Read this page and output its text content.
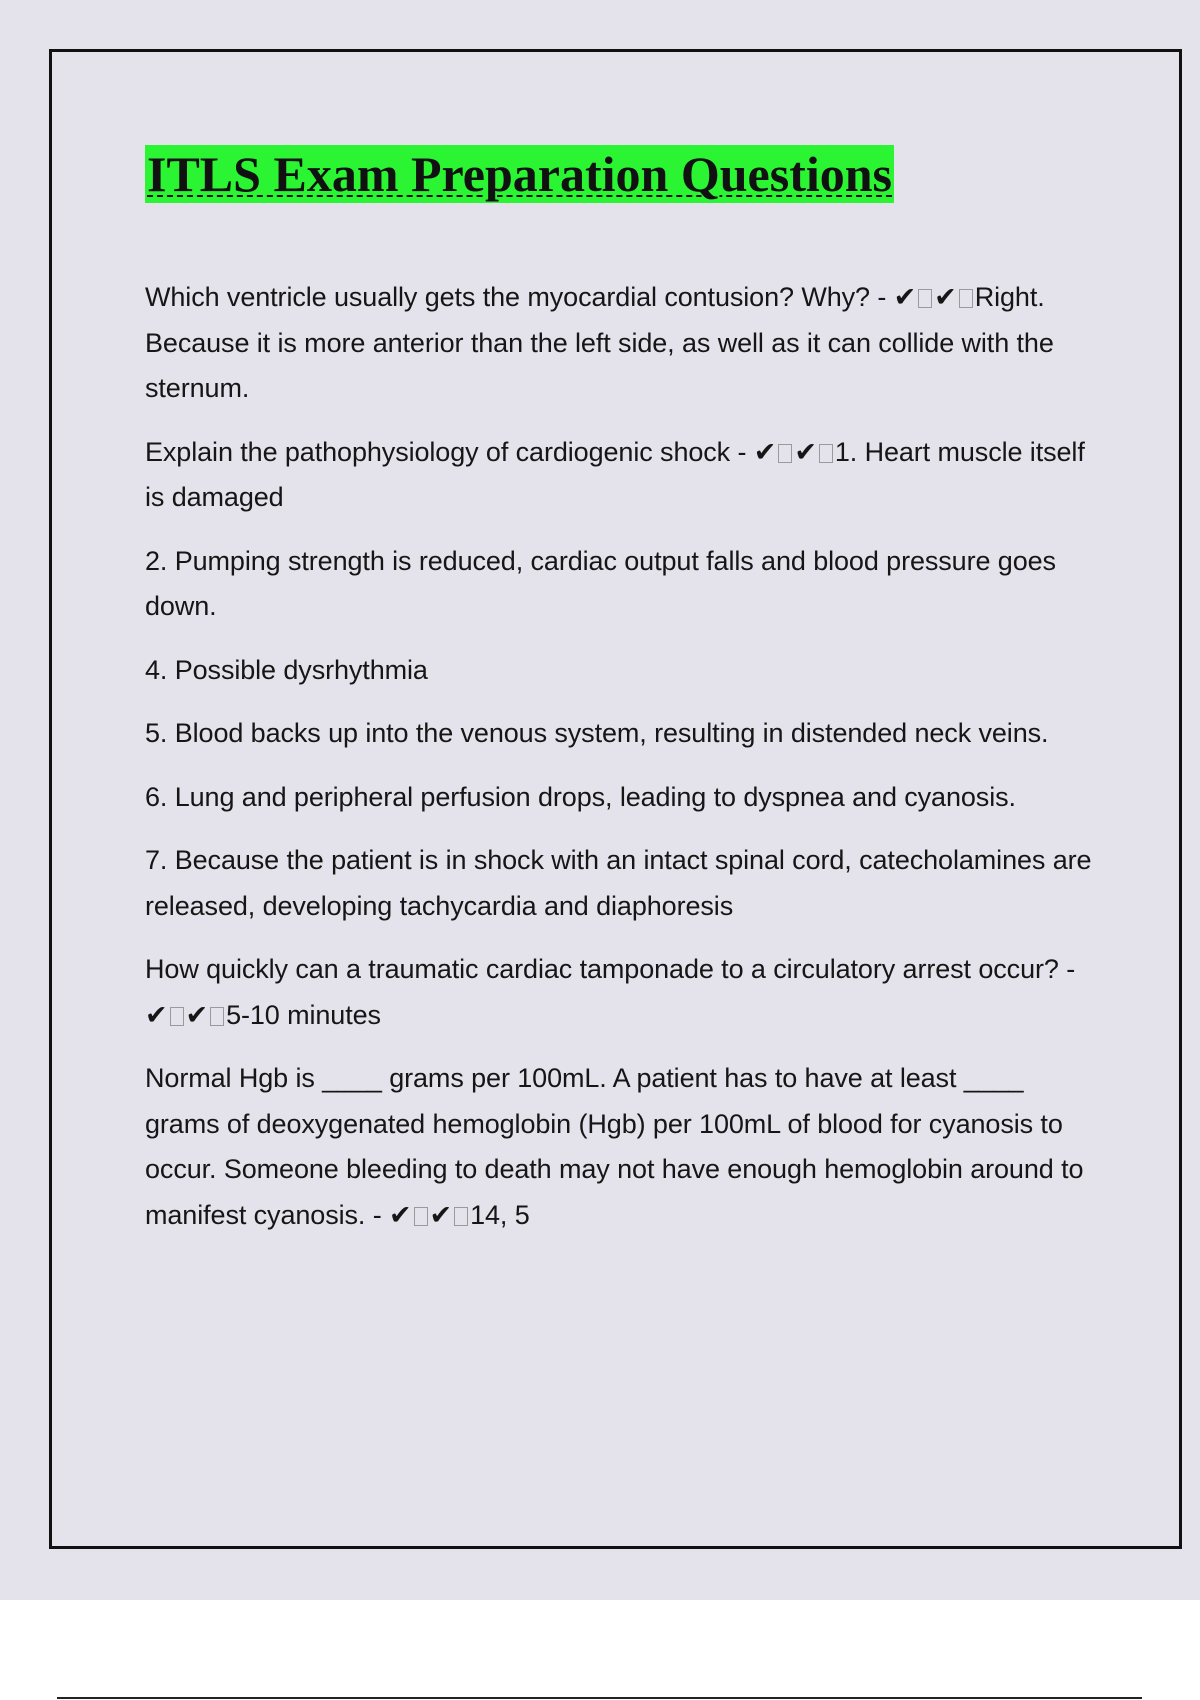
ITLS Exam Preparation Questions

Which ventricle usually gets the myocardial contusion? Why? - ✔ ✔ Right. Because it is more anterior than the left side, as well as it can collide with the sternum.

Explain the pathophysiology of cardiogenic shock - ✔ ✔ 1. Heart muscle itself is damaged

2. Pumping strength is reduced, cardiac output falls and blood pressure goes down.

4. Possible dysrhythmia

5. Blood backs up into the venous system, resulting in distended neck veins.

6. Lung and peripheral perfusion drops, leading to dyspnea and cyanosis.

7. Because the patient is in shock with an intact spinal cord, catecholamines are released, developing tachycardia and diaphoresis

How quickly can a traumatic cardiac tamponade to a circulatory arrest occur? - ✔ ✔ 5-10 minutes

Normal Hgb is ____ grams per 100mL. A patient has to have at least ____ grams of deoxygenated hemoglobin (Hgb) per 100mL of blood for cyanosis to occur. Someone bleeding to death may not have enough hemoglobin around to manifest cyanosis. - ✔ ✔ 14, 5
